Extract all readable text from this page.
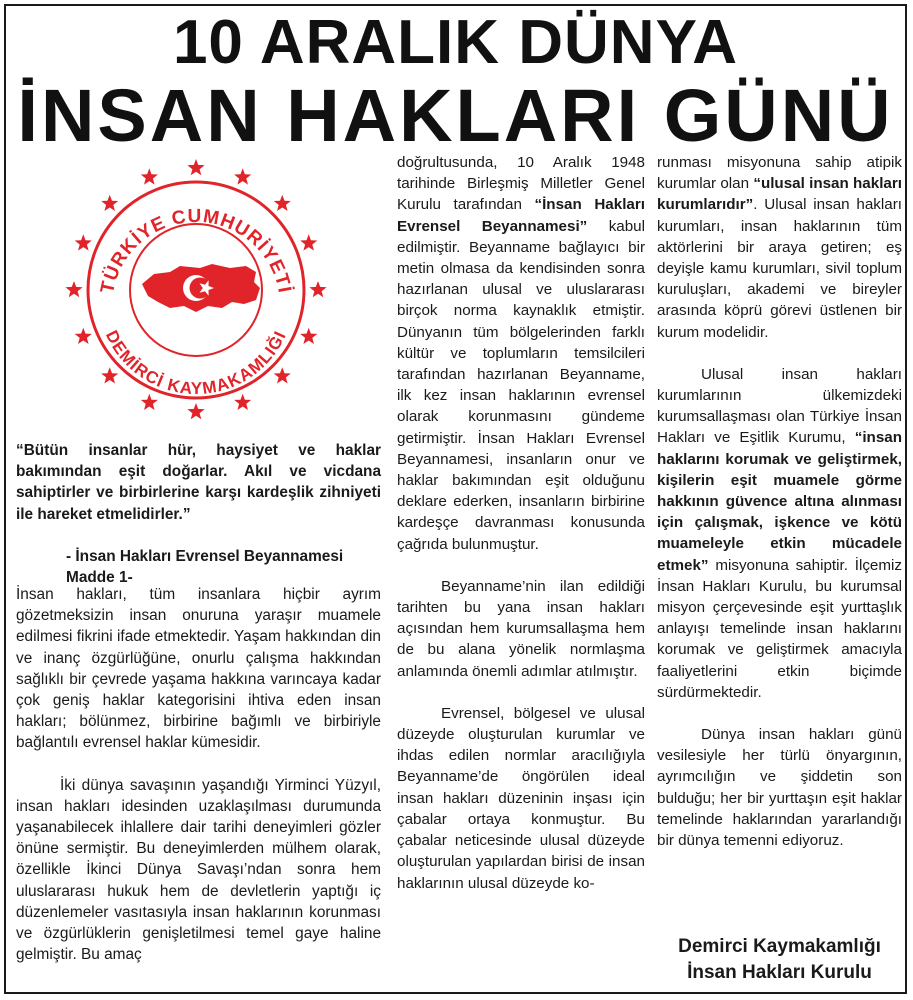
10 ARALIK DÜNYA
İNSAN HAKLARI GÜNÜ
TÜRKİYE CUMHURİYETİ
DEMİRCİ KAYMAKAMLIĞI
“Bütün insanlar hür, haysiyet ve haklar bakımından eşit doğarlar. Akıl ve vicdana sahiptirler ve birbirlerine karşı kardeşlik zihniyeti ile hareket etmelidirler.”
- İnsan Hakları Evrensel Beyannamesi
Madde 1-

İnsan hakları, tüm insanlara hiçbir ayrım gözetmeksizin insan onuruna yaraşır muamele edilmesi fikrini ifade etmektedir. Yaşam hakkından din ve inanç özgürlüğüne, onurlu çalışma hakkından sağlıklı bir çevrede yaşama hakkına varıncaya kadar çok geniş haklar kategorisini ihtiva eden insan hakları; bölünmez, birbirine bağımlı ve birbiriyle bağlantılı evrensel haklar kümesidir.

İki dünya savaşının yaşandığı Yirminci Yüzyıl, insan hakları idesinden uzaklaşılması durumunda yaşanabilecek ihlallere dair tarihi deneyimleri gözler önüne sermiştir. Bu deneyimlerden mülhem olarak, özellikle İkinci Dünya Savaşı’ndan sonra hem uluslararası hukuk hem de devletlerin yaptığı iç düzenlemeler vasıtasıyla insan haklarının korunması ve özgürlüklerin genişletilmesi temel gaye haline gelmiştir. Bu amaç

doğrultusunda, 10 Aralık 1948 tarihinde Birleşmiş Milletler Genel Kurulu tarafından “İnsan Hakları Evrensel Beyannamesi” kabul edilmiştir. Beyanname bağlayıcı bir metin olmasa da kendisinden sonra hazırlanan ulusal ve uluslararası birçok norma kaynaklık etmiştir. Dünyanın tüm bölgelerinden farklı kültür ve toplumların temsilcileri tarafından hazırlanan Beyanname, ilk kez insan haklarının evrensel olarak korunmasını gündeme getirmiştir. İnsan Hakları Evrensel Beyannamesi, insanların onur ve haklar bakımından eşit olduğunu deklare ederken, insanların birbirine kardeşçe davranması konusunda çağrıda bulunmuştur.

Beyanname’nin ilan edildiği tarihten bu yana insan hakları açısından hem kurumsallaşma hem de bu alana yönelik normlaşma anlamında önemli adımlar atılmıştır.

Evrensel, bölgesel ve ulusal düzeyde oluşturulan kurumlar ve ihdas edilen normlar aracılığıyla Beyanname’de öngörülen ideal insan hakları düzeninin inşası için çabalar ortaya konmuştur. Bu çabalar neticesinde ulusal düzeyde oluşturulan yapılardan birisi de insan haklarının ulusal düzeyde ko-

runması misyonuna sahip atipik kurumlar olan “ulusal insan hakları kurumlarıdır”. Ulusal insan hakları kurumları, insan haklarının tüm aktörlerini bir araya getiren; eş deyişle kamu kurumları, sivil toplum kuruluşları, akademi ve bireyler arasında köprü görevi üstlenen bir kurum modelidir.

Ulusal insan hakları kurumlarının ülkemizdeki kurumsallaşması olan Türkiye İnsan Hakları ve Eşitlik Kurumu, “insan haklarını korumak ve geliştirmek, kişilerin eşit muamele görme hakkının güvence altına alınması için çalışmak, işkence ve kötü muameleyle etkin mücadele etmek” misyonuna sahiptir. İlçemiz İnsan Hakları Kurulu, bu kurumsal misyon çerçevesinde eşit yurttaşlık anlayışı temelinde insan haklarını korumak ve geliştirmek amacıyla faaliyetlerini etkin biçimde sürdürmektedir.

Dünya insan hakları günü vesilesiyle her türlü önyargının, ayrımcılığın ve şiddetin son bulduğu; her bir yurttaşın eşit haklar temelinde haklarından yararlandığı bir dünya temenni ediyoruz.

Demirci Kaymakamlığı
İnsan Hakları Kurulu
